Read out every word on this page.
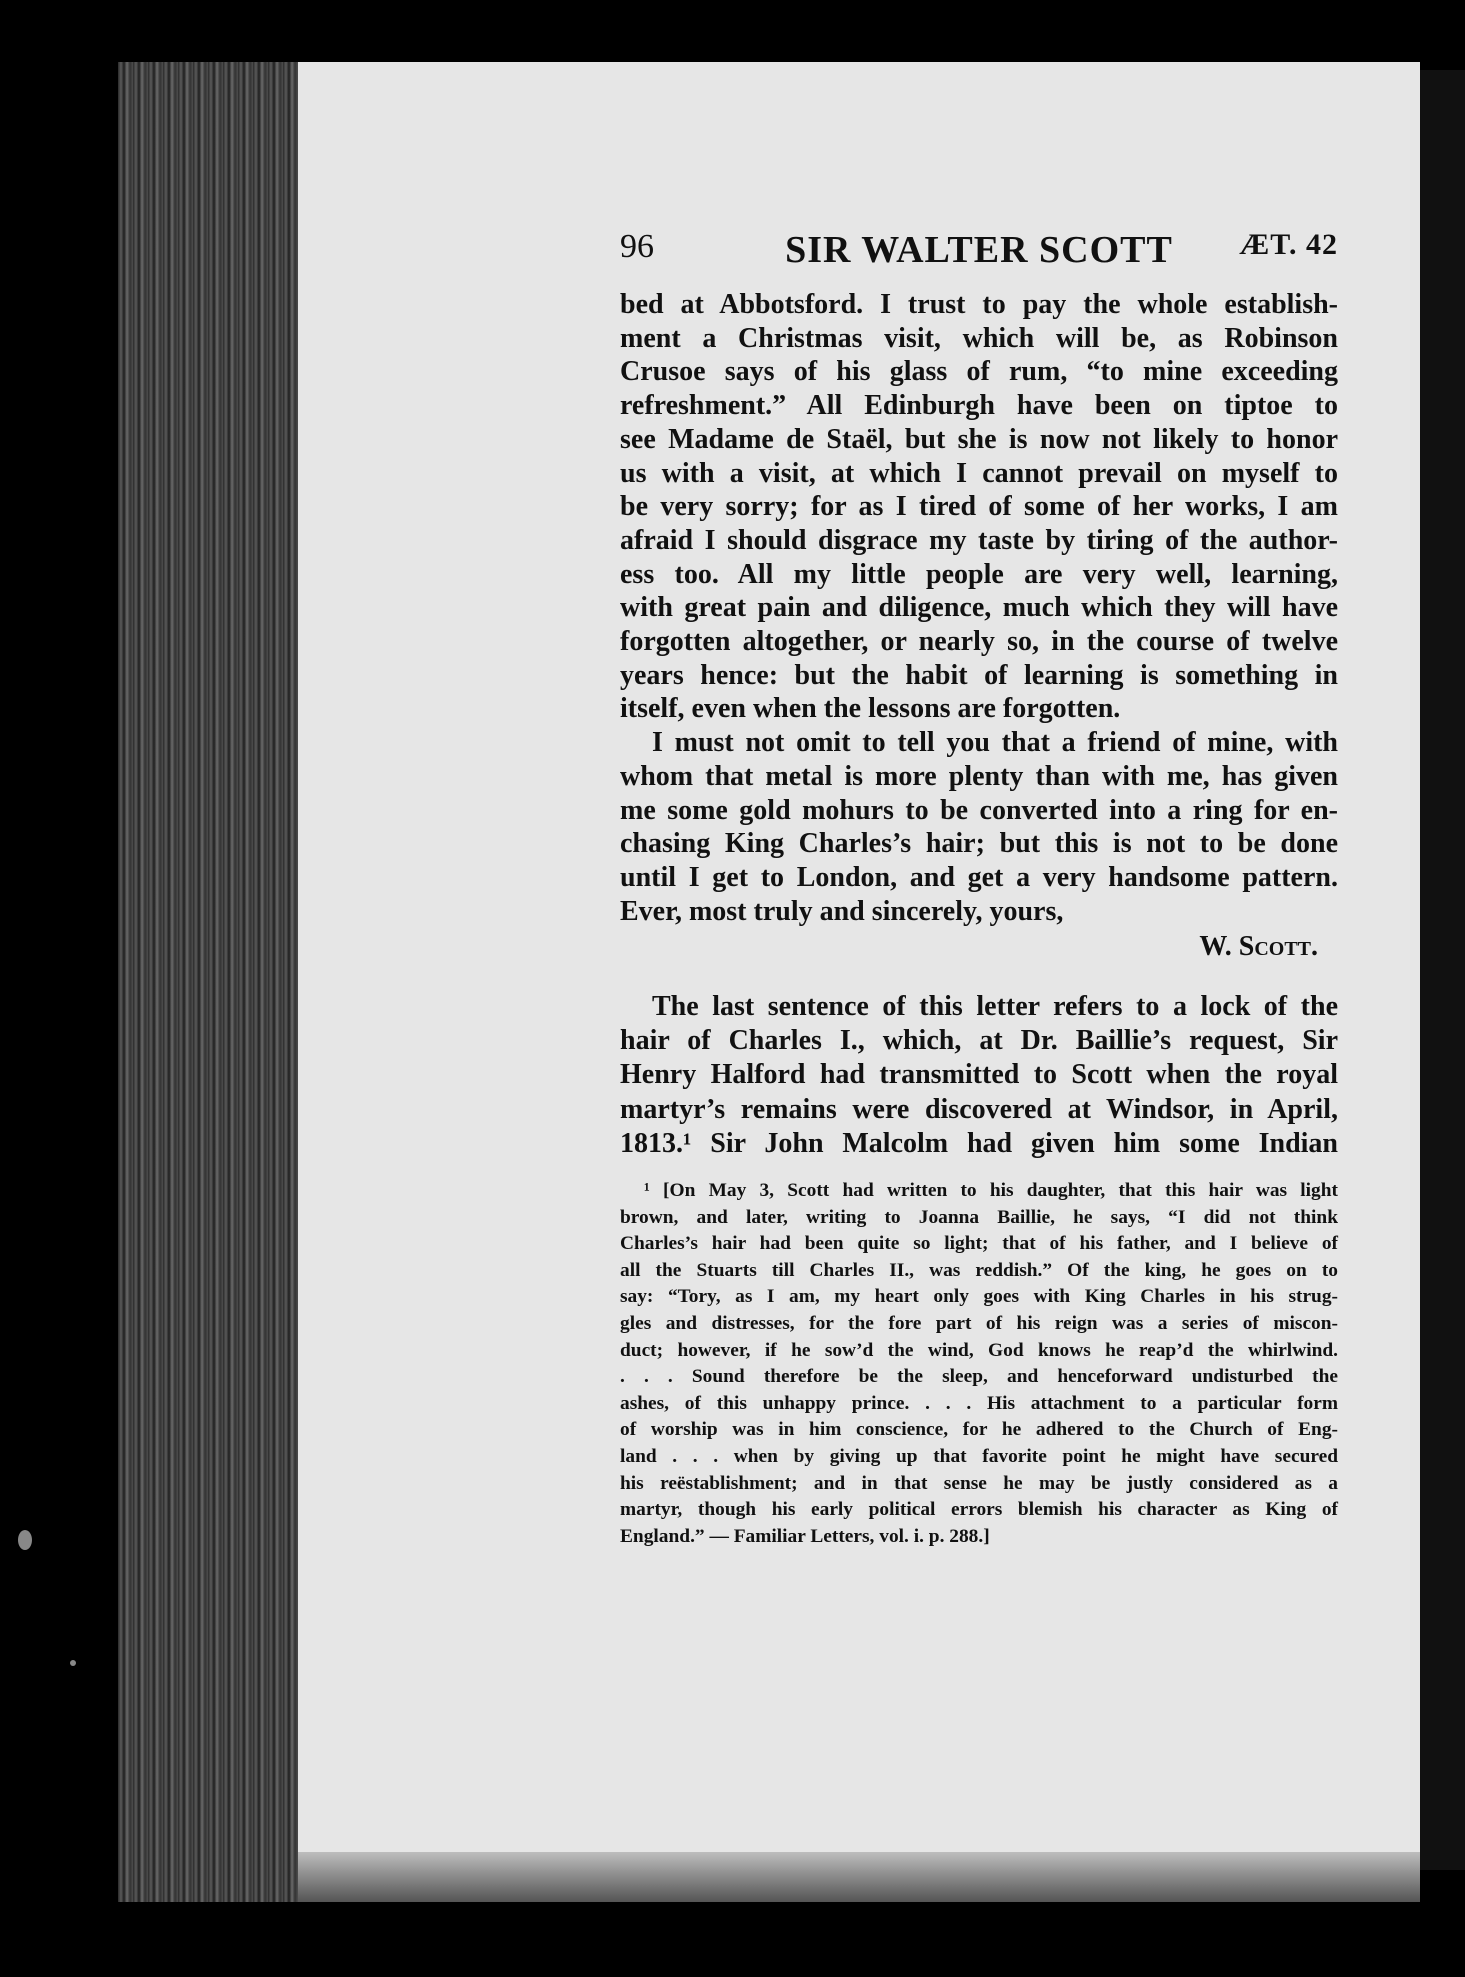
96	SIR WALTER SCOTT	ÆT. 42
bed at Abbotsford. I trust to pay the whole establish-
ment a Christmas visit, which will be, as Robinson
Crusoe says of his glass of rum, “to mine exceeding
refreshment.” All Edinburgh have been on tiptoe to
see Madame de Staël, but she is now not likely to honor
us with a visit, at which I cannot prevail on myself to
be very sorry; for as I tired of some of her works, I am
afraid I should disgrace my taste by tiring of the author-
ess too. All my little people are very well, learning,
with great pain and diligence, much which they will have
forgotten altogether, or nearly so, in the course of twelve
years hence: but the habit of learning is something in
itself, even when the lessons are forgotten.
I must not omit to tell you that a friend of mine, with
whom that metal is more plenty than with me, has given
me some gold mohurs to be converted into a ring for en-
chasing King Charles’s hair; but this is not to be done
until I get to London, and get a very handsome pattern.
Ever, most truly and sincerely, yours,
W. Scott.
The last sentence of this letter refers to a lock of the
hair of Charles I., which, at Dr. Baillie’s request, Sir
Henry Halford had transmitted to Scott when the royal
martyr’s remains were discovered at Windsor, in April,
1813.¹ Sir John Malcolm had given him some Indian
¹ [On May 3, Scott had written to his daughter, that this hair was light
brown, and later, writing to Joanna Baillie, he says, “I did not think
Charles’s hair had been quite so light; that of his father, and I believe of
all the Stuarts till Charles II., was reddish.” Of the king, he goes on to
say: “Tory, as I am, my heart only goes with King Charles in his strug-
gles and distresses, for the fore part of his reign was a series of miscon-
duct; however, if he sow’d the wind, God knows he reap’d the whirlwind.
. . . Sound therefore be the sleep, and henceforward undisturbed the
ashes, of this unhappy prince. . . . His attachment to a particular form
of worship was in him conscience, for he adhered to the Church of Eng-
land . . . when by giving up that favorite point he might have secured
his reëstablishment; and in that sense he may be justly considered as a
martyr, though his early political errors blemish his character as King of
England.” — Familiar Letters, vol. i. p. 288.]
